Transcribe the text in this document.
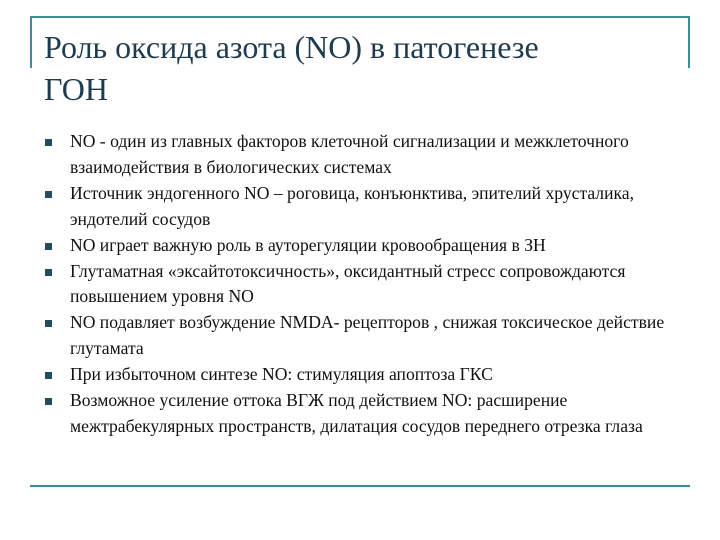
Роль оксида азота (NO) в патогенезе ГОН
NO - один из главных факторов клеточной сигнализации и межклеточного взаимодействия в биологических системах
Источник эндогенного NO – роговица, конъюнктива, эпителий хрусталика, эндотелий сосудов
NO играет важную роль в ауторегуляции кровообращения в ЗН
Глутаматная «эксайтотоксичность», оксидантный стресс сопровождаются повышением уровня NO
NO подавляет возбуждение NMDA- рецепторов , снижая токсическое действие глутамата
При избыточном синтезе NO: стимуляция апоптоза ГКС
Возможное усиление оттока ВГЖ под действием NO: расширение межтрабекулярных пространств, дилатация сосудов переднего отрезка глаза
